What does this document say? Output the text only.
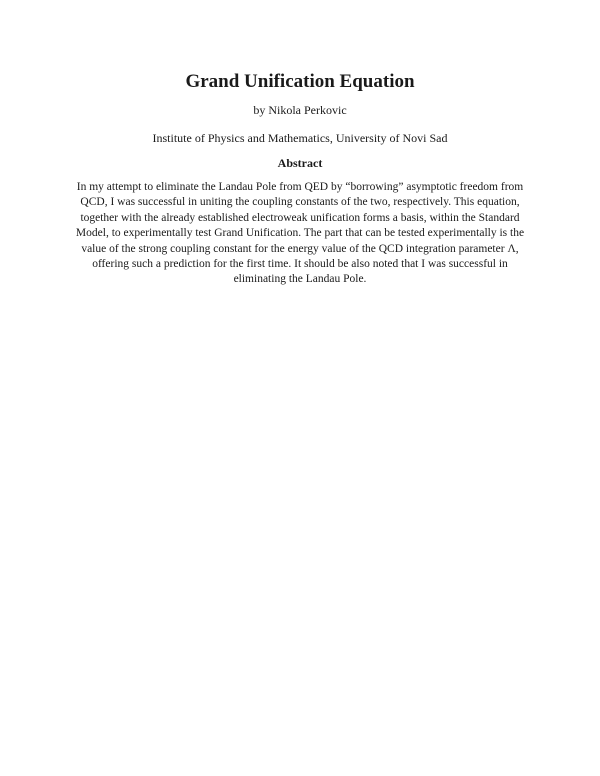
Grand Unification Equation

by Nikola Perkovic

Institute of Physics and Mathematics, University of Novi Sad

Abstract

In my attempt to eliminate the Landau Pole from QED by “borrowing” asymptotic freedom from QCD, I was successful in uniting the coupling constants of the two, respectively. This equation, together with the already established electroweak unification forms a basis, within the Standard Model, to experimentally test Grand Unification. The part that can be tested experimentally is the value of the strong coupling constant for the energy value of the QCD integration parameter Λ, offering such a prediction for the first time. It should be also noted that I was successful in eliminating the Landau Pole.
